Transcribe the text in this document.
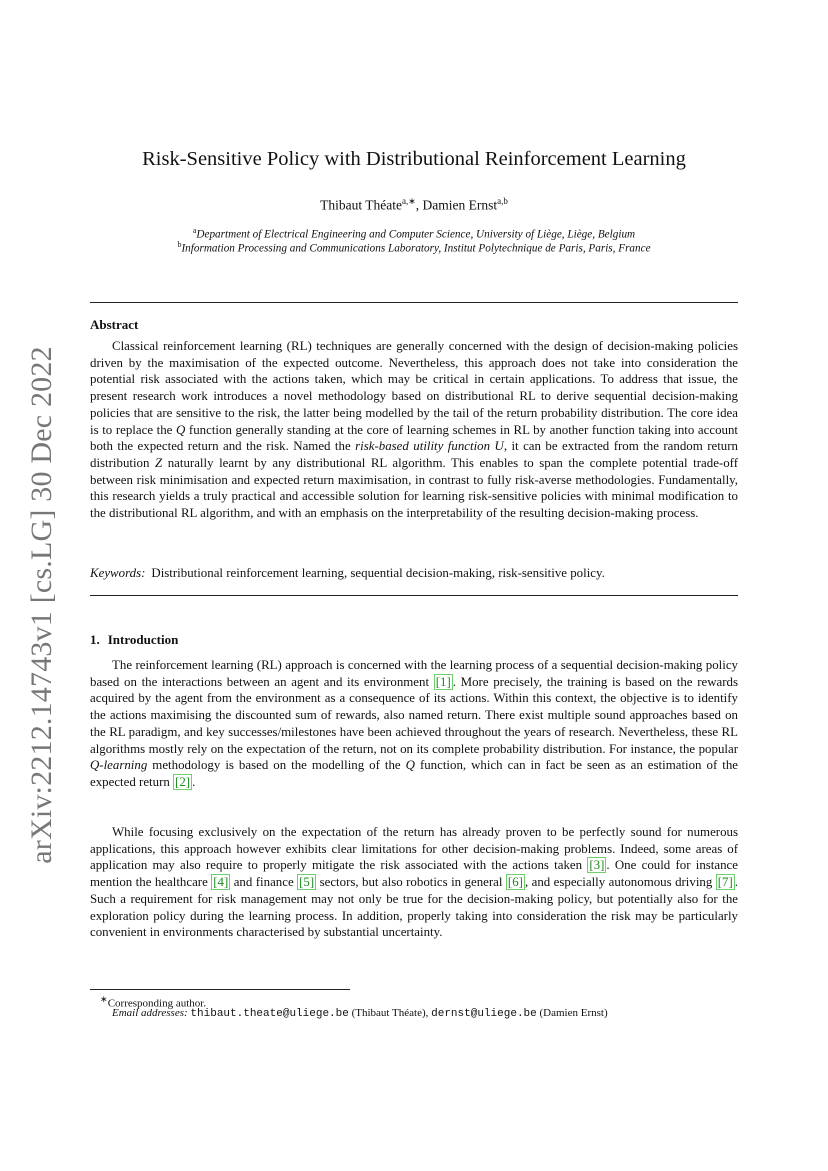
arXiv:2212.14743v1 [cs.LG] 30 Dec 2022
Risk-Sensitive Policy with Distributional Reinforcement Learning
Thibaut Théate$^{a,∗}$, Damien Ernst$^{a,b}$
$^a$Department of Electrical Engineering and Computer Science, University of Liège, Liège, Belgium
$^b$Information Processing and Communications Laboratory, Institut Polytechnique de Paris, Paris, France
Abstract

Classical reinforcement learning (RL) techniques are generally concerned with the design of decision-making policies driven by the maximisation of the expected outcome. Nevertheless, this approach does not take into consideration the potential risk associated with the actions taken, which may be critical in certain applications. To address that issue, the present research work introduces a novel methodology based on distributional RL to derive sequential decision-making policies that are sensitive to the risk, the latter being modelled by the tail of the return probability distribution. The core idea is to replace the Q function generally standing at the core of learning schemes in RL by another function taking into account both the expected return and the risk. Named the risk-based utility function U, it can be extracted from the random return distribution Z naturally learnt by any distributional RL algorithm. This enables to span the complete potential trade-off between risk minimisation and expected return maximisation, in contrast to fully risk-averse methodologies. Fundamentally, this research yields a truly practical and accessible solution for learning risk-sensitive policies with minimal modification to the distributional RL algorithm, and with an emphasis on the interpretability of the resulting decision-making process.

Keywords: Distributional reinforcement learning, sequential decision-making, risk-sensitive policy.
1. Introduction

The reinforcement learning (RL) approach is concerned with the learning process of a sequential decision-making policy based on the interactions between an agent and its environment [1] . More precisely, the training is based on the rewards acquired by the agent from the environment as a consequence of its actions. Within this context, the objective is to identify the actions maximising the discounted sum of rewards, also named return. There exist multiple sound approaches based on the RL paradigm, and key successes/milestones have been achieved throughout the years of research. Nevertheless, these RL algorithms mostly rely on the expectation of the return, not on its complete probability distribution. For instance, the popular Q-learning methodology is based on the modelling of the Q function, which can in fact be seen as an estimation of the expected return [2] .

While focusing exclusively on the expectation of the return has already proven to be perfectly sound for numerous applications, this approach however exhibits clear limitations for other decision-making problems. Indeed, some areas of application may also require to properly mitigate the risk associated with the actions taken [3] . One could for instance mention the healthcare [4] and finance [5] sectors, but also robotics in general [6] , and especially autonomous driving [7] . Such a requirement for risk management may not only be true for the decision-making policy, but potentially also for the exploration policy during the learning process. In addition, properly taking into consideration the risk may be particularly convenient in environments characterised by substantial uncertainty.

∗Corresponding author.
Email addresses: thibaut.theate@uliege.be (Thibaut Théate), dernst@uliege.be (Damien Ernst)
